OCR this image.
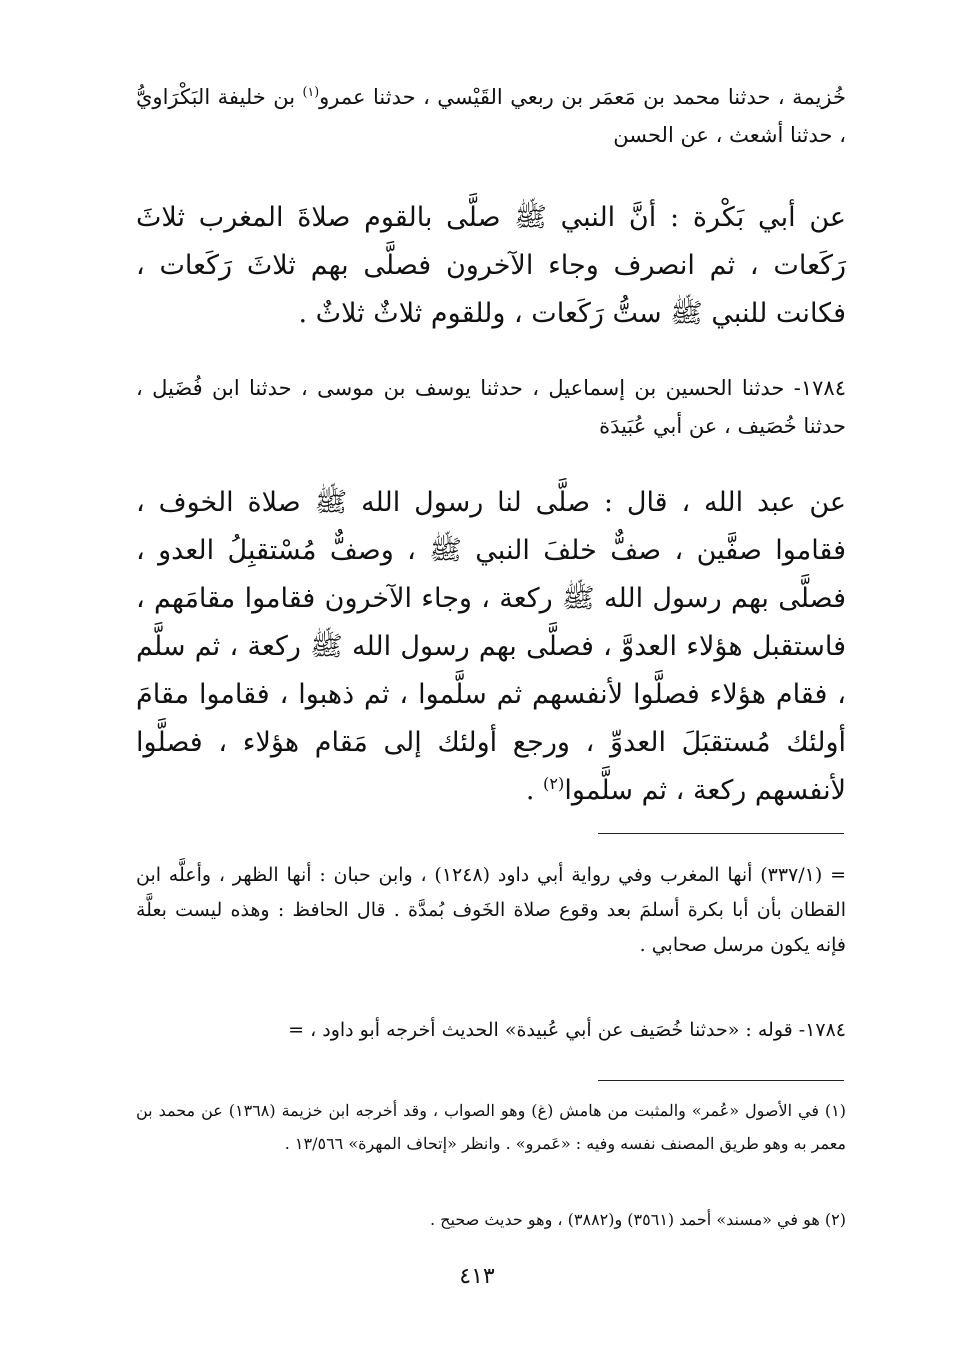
خُزيمة ، حدثنا محمد بن مَعمَر بن ربعي القَيْسي ، حدثنا عمرو$^{(١)}$ بن خليفة البَكْرَاويُّ ، حدثنا أشعث ، عن الحسن
عن أبي بَكْرة : أنَّ النبي ﷺ صلَّى بالقوم صلاةَ المغرب ثلاثَ رَكَعات ، ثم انصرف وجاء الآخرون فصلَّى بهم ثلاثَ رَكَعات ، فكانت للنبي ﷺ ستُّ رَكَعات ، وللقوم ثلاثٌ ثلاثٌ .
١٧٨٤- حدثنا الحسين بن إسماعيل ، حدثنا يوسف بن موسى ، حدثنا ابن فُضَيل ، حدثنا خُصَيف ، عن أبي عُبَيدَة
عن عبد الله ، قال : صلَّى لنا رسول الله ﷺ صلاة الخوف ، فقاموا صفَّين ، صفٌّ خلفَ النبي ﷺ ، وصفٌّ مُسْتقبِلُ العدو ، فصلَّى بهم رسول الله ﷺ ركعة ، وجاء الآخرون فقاموا مقامَهم ، فاستقبل هؤلاء العدوَّ ، فصلَّى بهم رسول الله ﷺ ركعة ، ثم سلَّم ، فقام هؤلاء فصلَّوا لأنفسهم ثم سلَّموا ، ثم ذهبوا ، فقاموا مقامَ أولئك مُستقبَلَ العدوِّ ، ورجع أولئك إلى مَقام هؤلاء ، فصلَّوا لأنفسهم ركعة ، ثم سلَّموا$^{(٢)}$ .
= (٣٣٧/١) أنها المغرب وفي رواية أبي داود (١٢٤٨) ، وابن حبان : أنها الظهر ، وأعلَّه ابن القطان بأن أبا بكرة أسلمَ بعد وقوع صلاة الخَوف بُمدَّة . قال الحافظ : وهذه ليست بعلَّة فإنه يكون مرسل صحابي .
١٧٨٤- قوله : «حدثنا خُصَيف عن أبي عُبيدة» الحديث أخرجه أبو داود ، =
(١) في الأصول «عُمر» والمثبت من هامش (غ) وهو الصواب ، وقد أخرجه ابن خزيمة (١٣٦٨) عن محمد بن معمر به وهو طريق المصنف نفسه وفيه : «عَمرو» . وانظر «إتحاف المهرة» ١٣/٥٦٦ .
(٢) هو في «مسند» أحمد (٣٥٦١) و(٣٨٨٢) ، وهو حديث صحيح .
٤١٣
